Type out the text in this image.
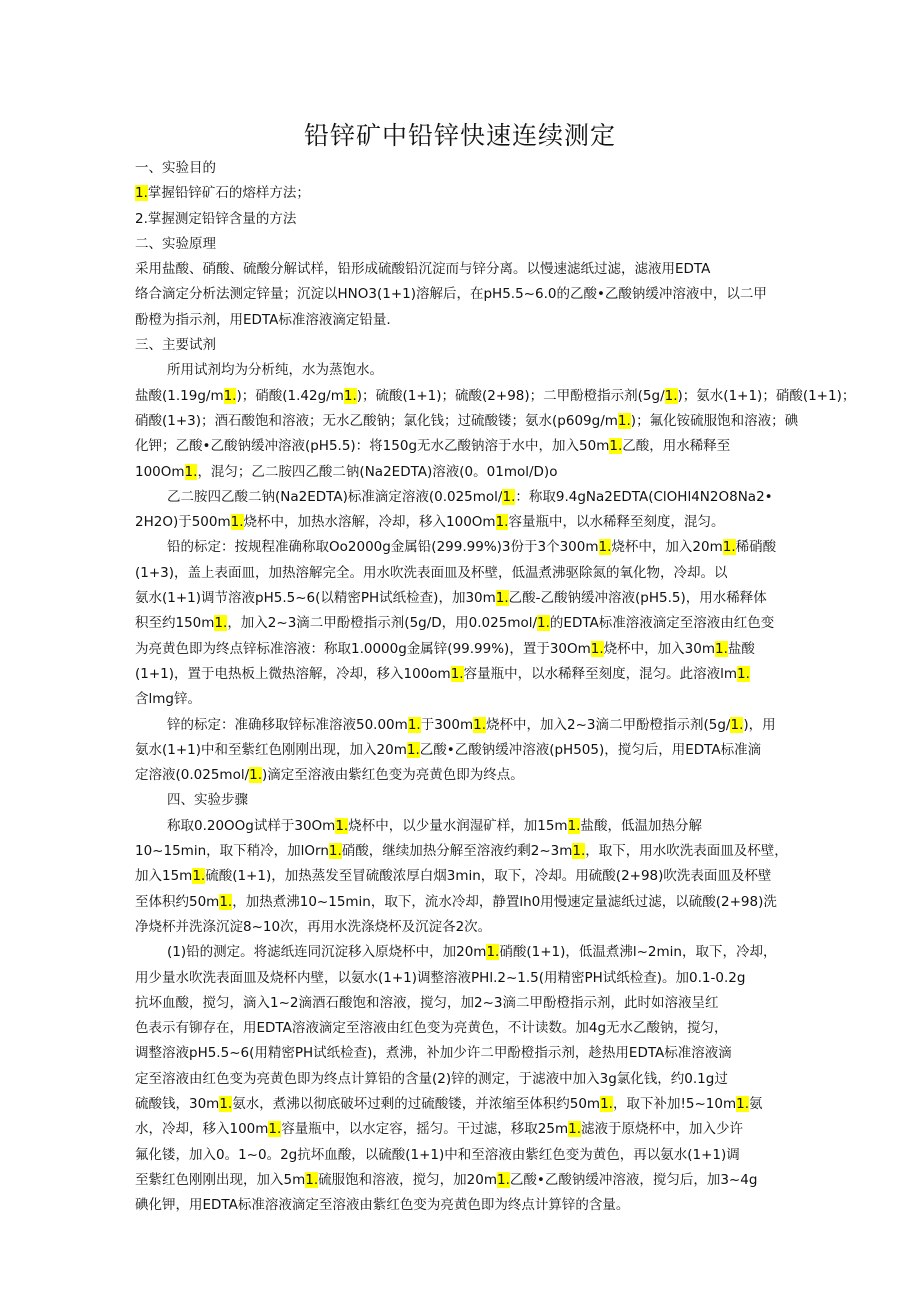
铅锌矿中铅锌快速连续测定
一、实验目的
1.掌握铅锌矿石的熔样方法；
2.掌握测定铅锌含量的方法
二、实验原理
采用盐酸、硝酸、硫酸分解试样，铅形成硫酸铅沉淀而与锌分离。以慢速滤纸过滤，滤液用EDTA
络合滴定分析法测定锌量；沉淀以HNO3(1+1)溶解后，在pH5.5~6.0的乙酸•乙酸钠缓冲溶液中，以二甲
酚橙为指示剂，用EDTA标准溶液滴定铅量.
三、主要试剂
所用试剂均为分析纯，水为蒸饱水。
盐酸(1.19g∕m1.)；硝酸(1.42g∕m1.)；硫酸(1+1)；硫酸(2+98)；二甲酚橙指示剂(5g∕1.)；氨水(1+1)；硝酸(1+1)；
硝酸(1+3)；酒石酸饱和溶液；无水乙酸钠；氯化钱；过硫酸镂；氨水(p609g∕m1.)；氟化铵硫服饱和溶液；碘
化钾；乙酸•乙酸钠缓冲溶液(pH5.5)：将150g无水乙酸钠溶于水中，加入50m1.乙酸，用水稀释至
100Om1.，混匀；乙二胺四乙酸二钠(Na2EDTA)溶液(0。01mol∕D)o
乙二胺四乙酸二钠(Na2EDTA)标准滴定溶液(0.025mol∕1.：称取9.4gNa2EDTA(ClOHl4N2O8Na2•
2H2O)于500m1.烧杯中，加热水溶解，冷却，移入100Om1.容量瓶中，以水稀释至刻度，混匀。
铅的标定：按规程准确称取Oo2000g金属铅(299.99%)3份于3个300m1.烧杯中，加入20m1.稀硝酸
(1+3)，盖上表面皿，加热溶解完全。用水吹洗表面皿及杯壁，低温煮沸驱除氮的氧化物，冷却。以
氨水(1+1)调节溶液pH5.5~6(以精密PH试纸检查)，加30m1.乙酸-乙酸钠缓冲溶液(pH5.5)，用水稀释体
积至约150m1.，加入2~3滴二甲酚橙指示剂(5g∕D，用0.025mol∕1.的EDTA标准溶液滴定至溶液由红色变
为亮黄色即为终点锌标准溶液：称取1.0000g金属锌(99.99%)，置于30Om1.烧杯中，加入30m1.盐酸
(1+1)，置于电热板上微热溶解，冷却，移入100om1.容量瓶中，以水稀释至刻度，混匀。此溶液lm1.
含lmg锌。
锌的标定：准确移取锌标准溶液50.00m1.于300m1.烧杯中，加入2~3滴二甲酚橙指示剂(5g∕1.)，用
氨水(1+1)中和至紫红色刚刚出现，加入20m1.乙酸•乙酸钠缓冲溶液(pH505)，搅匀后，用EDTA标准滴
定溶液(0.025mol∕1.)滴定至溶液由紫红色变为亮黄色即为终点。
四、实验步骤
称取0.20OOg试样于30Om1.烧杯中，以少量水润湿矿样，加15m1.盐酸，低温加热分解
10~15min，取下稍冷，加lOrn1.硝酸，继续加热分解至溶液约剩2~3m1.，取下，用水吹洗表面皿及杯壁，
加入15m1.硫酸(1+1)，加热蒸发至冒硫酸浓厚白烟3min，取下，冷却。用硫酸(2+98)吹洗表面皿及杯壁
至体积约50m1.，加热煮沸10~15min，取下，流水冷却，静置lh0用慢速定量滤纸过滤，以硫酸(2+98)洗
净烧杯并洗涤沉淀8~10次，再用水洗涤烧杯及沉淀各2次。
(1)铅的测定。将滤纸连同沉淀移入原烧杯中，加20m1.硝酸(1+1)，低温煮沸l~2min，取下，冷却，
用少量水吹洗表面皿及烧杯内壁，以氨水(1+1)调整溶液PHl.2~1.5(用精密PH试纸检查)。加0.1-0.2g
抗坏血酸，搅匀，滴入1~2滴酒石酸饱和溶液，搅匀，加2~3滴二甲酚橙指示剂，此时如溶液呈红
色表示有铆存在，用EDTA溶液滴定至溶液由红色变为亮黄色，不计读数。加4g无水乙酸钠，搅匀，
调整溶液pH5.5~6(用精密PH试纸检查)，煮沸，补加少许二甲酚橙指示剂，趁热用EDTA标准溶液滴
定至溶液由红色变为亮黄色即为终点计算铅的含量(2)锌的测定，于滤液中加入3g氯化钱，约0.1g过
硫酸钱，30m1.氨水，煮沸以彻底破坏过剩的过硫酸镂，并浓缩至体积约50m1.，取下补加!5~10m1.氨
水，冷却，移入100m1.容量瓶中，以水定容，摇匀。干过滤，移取25m1.滤液于原烧杯中，加入少许
氟化镂，加入0。1~0。2g抗坏血酸，以硫酸(1+1)中和至溶液由紫红色变为黄色，再以氨水(1+1)调
至紫红色刚刚出现，加入5m1.硫服饱和溶液，搅匀，加20m1.乙酸•乙酸钠缓冲溶液，搅匀后，加3~4g
碘化钾，用EDTA标准溶液滴定至溶液由紫红色变为亮黄色即为终点计算锌的含量。
